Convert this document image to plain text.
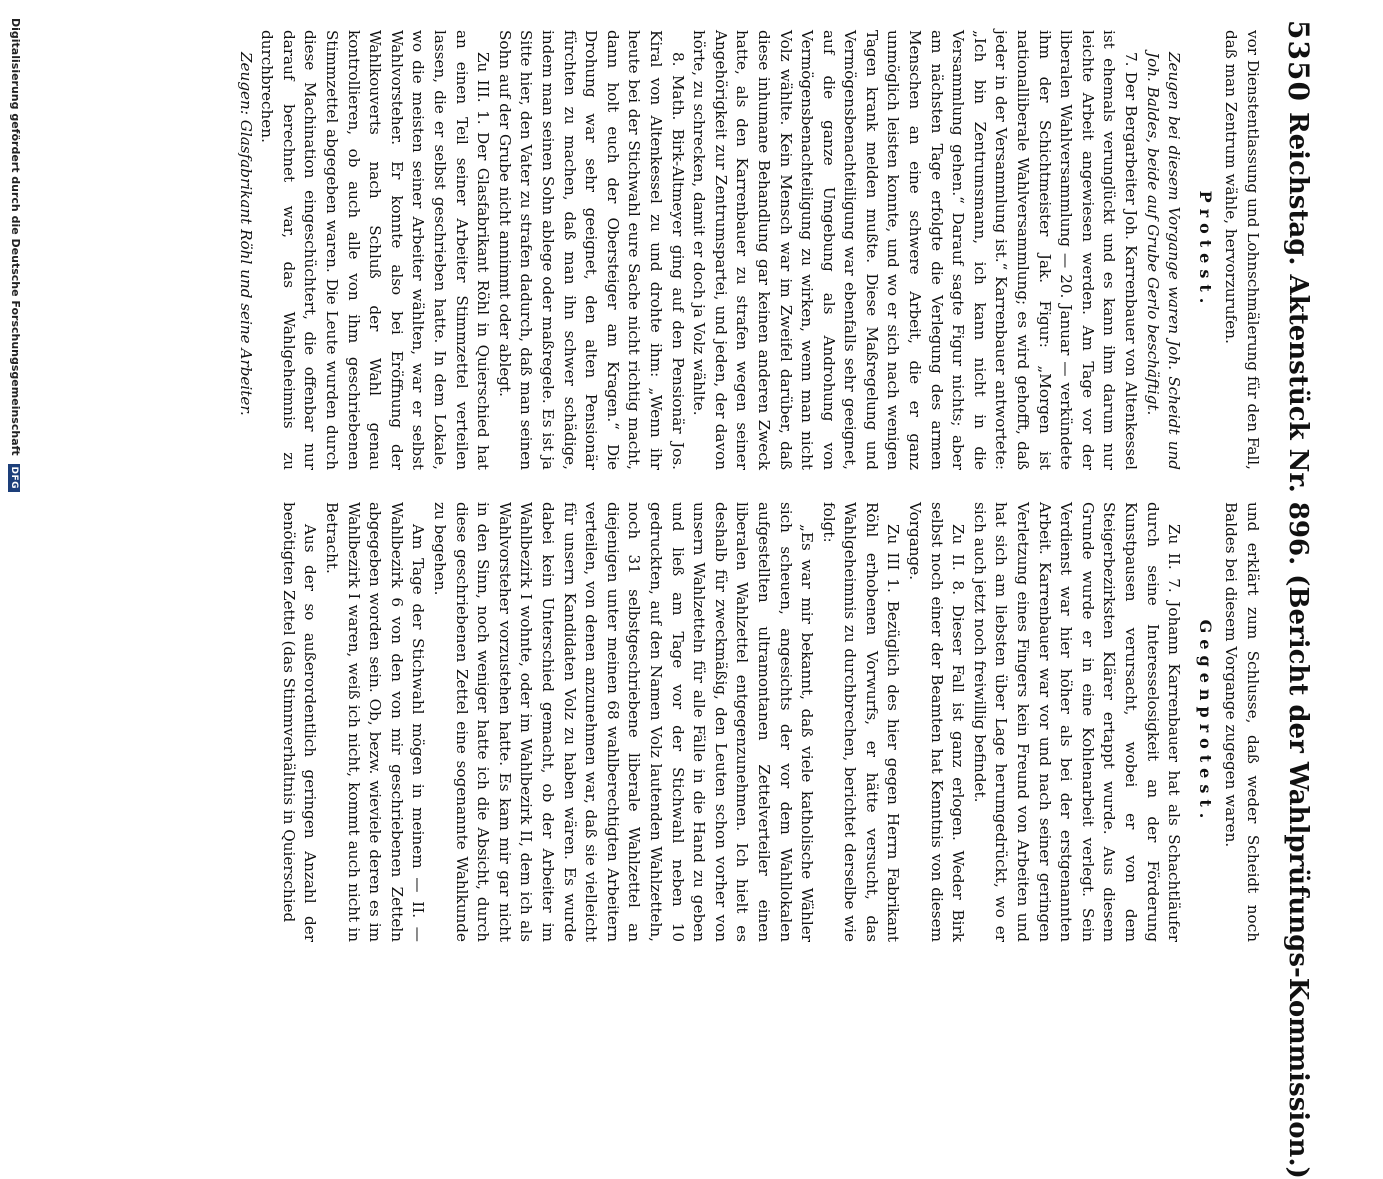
5350
Reichstag. Aktenstück Nr. 896. (Bericht der Wahlprüfungs-Kommission.)

vor Dienstentlassung und Lohnschmälerung für den Fall, daß man Zentrum wähle, hervorzurufen.

Protest.

Zeugen bei diesem Vorgange waren Joh. Scheidt und Joh. Baldes, beide auf Grube Gerlo beschäftigt.

7. Der Bergarbeiter Joh. Karrenbauer von Altenkessel ist ehemals verunglückt und es kann ihm darum nur leichte Arbeit angewiesen werden. Am Tage vor der liberalen Wahlversammlung — 20. Januar — verkündete ihm der Schichtmeister Jak. Figur: „Morgen ist nationalliberale Wahlversammlung; es wird gehofft, daß jeder in der Versammlung ist.“ Karrenbauer antwortete: „Ich bin Zentrumsmann, ich kann nicht in die Versammlung gehen.“ Darauf sagte Figur nichts; aber am nächsten Tage erfolgte die Verlegung des armen Menschen an eine schwere Arbeit, die er ganz unmöglich leisten konnte, und wo er sich nach wenigen Tagen krank melden mußte. Diese Maßregelung und Vermögensbenachteiligung war ebenfalls sehr geeignet, auf die ganze Umgebung als Androhung von Vermögensbenachteiligung zu wirken, wenn man nicht Volz wählte. Kein Mensch war im Zweifel darüber, daß diese inhumane Behandlung gar keinen anderen Zweck hatte, als den Karrenbauer zu strafen wegen seiner Angehörigkeit zur Zentrumspartei, und jeden, der davon hörte, zu schrecken, damit er doch ja Volz wählte.

8. Math. Birk-Altmeyer ging auf den Pensionär Jos. Kiral von Altenkessel zu und drohte ihm: „Wenn ihr heute bei der Stichwahl eure Sache nicht richtig macht, dann holt euch der Obersteiger am Kragen.“ Die Drohung war sehr geeignet, den alten Pensionär fürchten zu machen, daß man ihn schwer schädige, indem man seinen Sohn ablege oder maßregele. Es ist ja Sitte hier, den Vater zu strafen dadurch, daß man seinen Sohn auf der Grube nicht annimmt oder ablegt.

Zu III. 1. Der Glasfabrikant Röhl in Quierschied hat an einen Teil seiner Arbeiter Stimmzettel verteilen lassen, die er selbst geschrieben hatte. In dem Lokale, wo die meisten seiner Arbeiter wählten, war er selbst Wahlvorsteher. Er konnte also bei Eröffnung der Wahlkouverts nach Schluß der Wahl genau kontrollieren, ob auch alle von ihm geschriebenen Stimmzettel abgegeben waren. Die Leute wurden durch diese Machination eingeschüchtert, die offenbar nur darauf berechnet war, das Wahlgeheimnis zu durchbrechen.

Zeugen: Glasfabrikant Röhl und seine Arbeiter.

und erklärt zum Schlusse, daß weder Scheidt noch Baldes bei diesem Vorgange zugegen waren.

Gegenprotest.

Zu II. 7. Johann Karrenbauer hat als Schachtläufer durch seine Interesselosigkeit an der Förderung Kunstpausen verursacht, wobei er von dem Steigerbezirksten Klärer ertappt wurde. Aus diesem Grunde wurde er in eine Kohlenarbeit verlegt. Sein Verdienst war hier höher als bei der erstgenannten Arbeit. Karrenbauer war vor und nach seiner geringen Verletzung eines Fingers kein Freund von Arbeiten und hat sich am liebsten über Lage herumgedrückt, wo er sich auch jetzt noch freiwillig befindet.

Zu II. 8. Dieser Fall ist ganz erlogen. Weder Birk selbst noch einer der Beamten hat Kenntnis von diesem Vorgange.

Zu III 1. Bezüglich des hier gegen Herrn Fabrikant Röhl erhobenen Vorwurfs, er hätte versucht, das Wahlgeheimnis zu durchbrechen, berichtet derselbe wie folgt:

„Es war mir bekannt, daß viele katholische Wähler sich scheuen, angesichts der vor dem Wahllokalen aufgestellten ultramontanen Zettelverteiler einen liberalen Wahlzettel entgegenzunehmen. Ich hielt es deshalb für zweckmäßig, den Leuten schon vorher von unsern Wahlzetteln für alle Fälle in die Hand zu geben und ließ am Tage vor der Stichwahl neben 10 gedruckten, auf den Namen Volz lautenden Wahlzetteln, noch 31 selbstgeschriebene liberale Wahlzettel an diejenigen unter meinen 68 wahlberechtigten Arbeitern verteilen, von denen anzunehmen war, daß sie vielleicht für unsern Kandidaten Volz zu haben wären. Es wurde dabei kein Unterschied gemacht, ob der Arbeiter im Wahlbezirk I wohnte, oder im Wahlbezirk II, dem ich als Wahlvorsteher vorzustehen hatte. Es kam mir gar nicht in den Sinn, noch weniger hatte ich die Absicht, durch diese geschriebenen Zettel eine sogenannte Wahlkunde zu begehen.

Am Tage der Stichwahl mögen in meinem — II. — Wahlbezirk 6 von den von mir geschriebenen Zetteln abgegeben worden sein. Ob, bezw. wieviele deren es im Wahlbezirk I waren, weiß ich nicht, kommt auch nicht in Betracht.

Aus der so außerordentlich geringen Anzahl der benötigten Zettel (das Stimmverhältnis in Quierschied

Digitalisierung gefördert durch die Deutsche Forschungsgemeinschaft DFG
